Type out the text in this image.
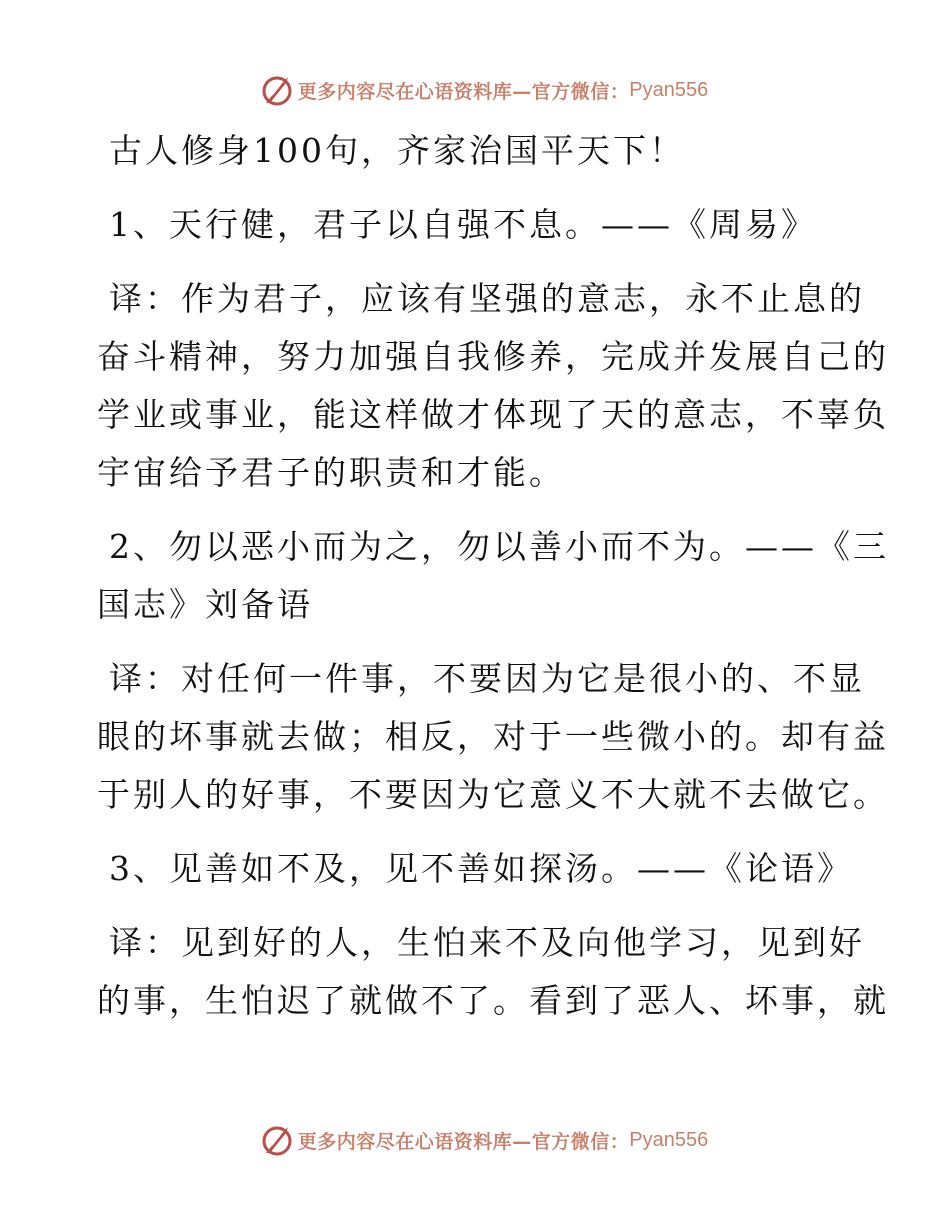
更多内容尽在心语资料库—官方微信： Pyan556
古人修身100句，齐家治国平天下！
1、天行健，君子以自强不息。——《周易》
译：作为君子，应该有坚强的意志，永不止息的
奋斗精神，努力加强自我修养，完成并发展自己的
学业或事业，能这样做才体现了天的意志，不辜负
宇宙给予君子的职责和才能。
2、勿以恶小而为之，勿以善小而不为。——《三
国志》刘备语
译：对任何一件事，不要因为它是很小的、不显
眼的坏事就去做；相反，对于一些微小的。却有益
于别人的好事，不要因为它意义不大就不去做它。
3、见善如不及，见不善如探汤。——《论语》
译：见到好的人，生怕来不及向他学习，见到好
的事，生怕迟了就做不了。看到了恶人、坏事，就
更多内容尽在心语资料库—官方微信： Pyan556
